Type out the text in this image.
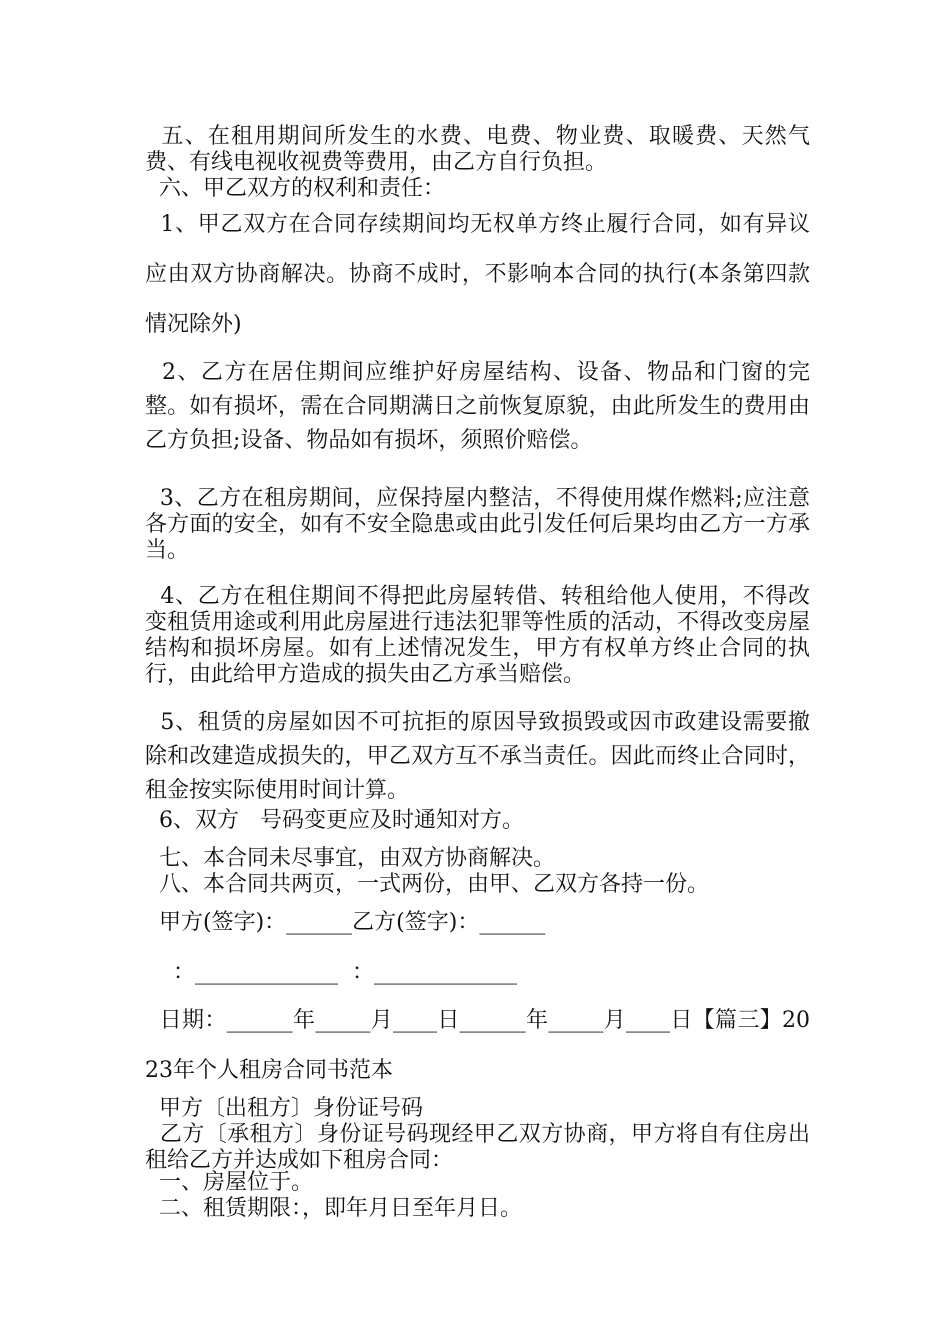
五、在租用期间所发生的水费、电费、物业费、取暖费、天然气费、有线电视收视费等费用，由乙方自行负担。

六、甲乙双方的权利和责任：

1、甲乙双方在合同存续期间均无权单方终止履行合同，如有异议应由双方协商解决。协商不成时，不影响本合同的执行(本条第四款情况除外)

2、乙方在居住期间应维护好房屋结构、设备、物品和门窗的完整。如有损坏，需在合同期满日之前恢复原貌，由此所发生的费用由乙方负担;设备、物品如有损坏，须照价赔偿。

3、乙方在租房期间，应保持屋内整洁，不得使用煤作燃料;应注意各方面的安全，如有不安全隐患或由此引发任何后果均由乙方一方承当。

4、乙方在租住期间不得把此房屋转借、转租给他人使用，不得改变租赁用途或利用此房屋进行违法犯罪等性质的活动，不得改变房屋结构和损坏房屋。如有上述情况发生，甲方有权单方终止合同的执行，由此给甲方造成的损失由乙方承当赔偿。

5、租赁的房屋如因不可抗拒的原因导致损毁或因市政建设需要撤除和改建造成损失的，甲乙双方互不承当责任。因此而终止合同时，租金按实际使用时间计算。

6、双方   号码变更应及时通知对方。

七、本合同未尽事宜，由双方协商解决。

八、本合同共两页，一式两份，由甲、乙双方各持一份。

甲方(签字)：______乙方(签字)：______

：_____________  ：_____________

日期：______年_____月____日______年_____月____日【篇三】2023年个人租房合同书范本

甲方〔出租方〕身份证号码

乙方〔承租方〕身份证号码现经甲乙双方协商，甲方将自有住房出租给乙方并达成如下租房合同：

一、房屋位于。

二、租赁期限：，即年月日至年月日。
